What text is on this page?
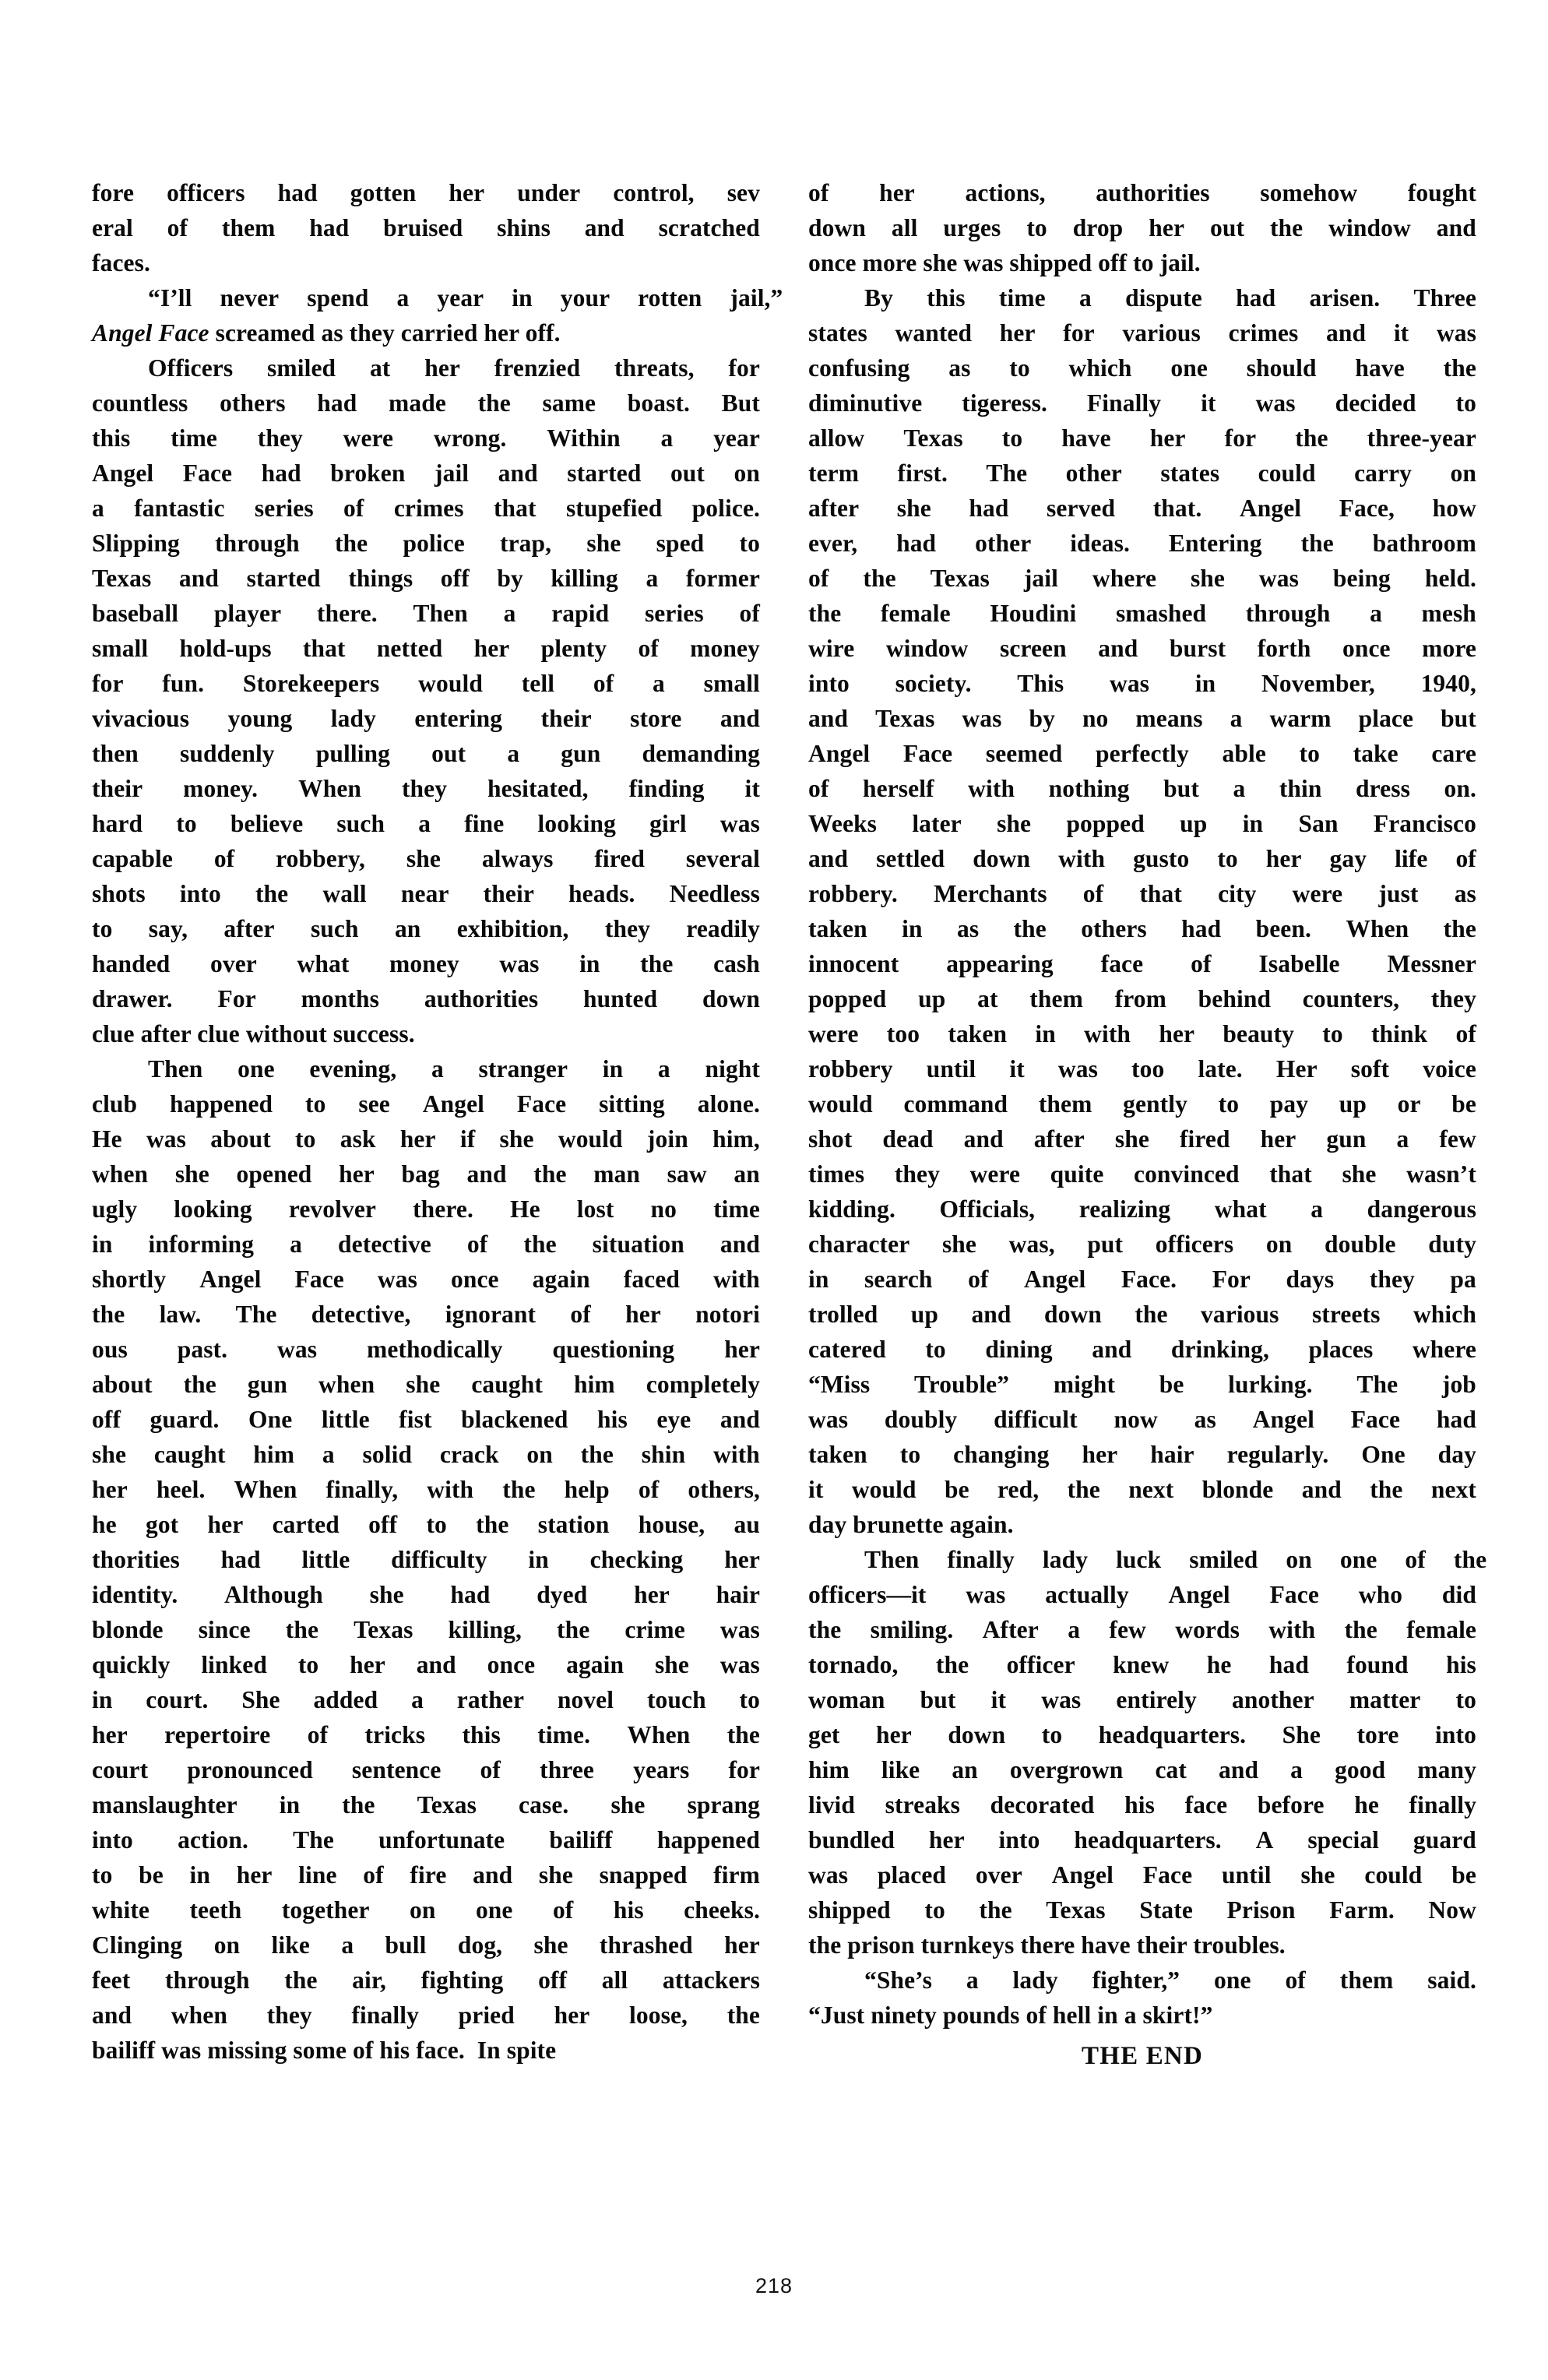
fore officers had gotten her under control, sev
eral of them had bruised shins and scratched
faces.

“I’ll	never	spend	a	year	in	your	rotten	jail,”
Angel Face screamed as they carried her off.

Officers	smiled	at	her	frenzied	threats,	for
countless others had made the same boast. But
this time they were wrong. Within a year
Angel Face had broken jail and started out on
a fantastic series of crimes that stupefied police.
Slipping through the police trap, she sped to
Texas and started things off by killing a former
baseball player there. Then a rapid series of
small hold-ups that netted her plenty of money
for fun. Storekeepers would tell of a small
vivacious young lady entering their store and
then suddenly pulling out a gun demanding
their money. When they hesitated, finding it
hard to believe such a fine looking girl was
capable of robbery, she always fired several
shots into the wall near their heads. Needless
to say, after such an exhibition, they readily
handed over what money was in the cash
drawer. For months authorities hunted down
clue after clue without success.

Then	one	evening,	a	stranger	in	a	night
club happened to see Angel Face sitting alone.
He was about to ask her if she would join him,
when she opened her bag and the man saw an
ugly looking revolver there. He lost no time
in informing a detective of the situation and
shortly Angel Face was once again faced with
the law. The detective, ignorant of her notori
ous past. was methodically questioning her
about the gun when she caught him completely
off guard. One little fist blackened his eye and
she caught him a solid crack on the shin with
her heel. When finally, with the help of others,
he got her carted off to the station house, au
thorities had little difficulty in checking her
identity. Although she had dyed her hair
blonde since the Texas killing, the crime was
quickly linked to her and once again she was
in court. She added a rather novel touch to
her repertoire of tricks this time. When the
court pronounced sentence of three years for
manslaughter in the Texas case. she sprang
into action. The unfortunate bailiff happened
to be in her line of fire and she snapped firm
white teeth together on one of his cheeks.
Clinging on like a bull dog, she thrashed her
feet through the air, fighting off all attackers
and when they finally pried her loose, the
bailiff was missing some of his face.  In spite

of her actions, authorities somehow fought
down all urges to drop her out the window and
once more she was shipped off to jail.

By	this	time	a	dispute	had	arisen.	Three
states wanted her for various crimes and it was
confusing as to which one should have the
diminutive tigeress. Finally it was decided to
allow Texas to have her for the three-year
term first. The other states could carry on
after she had served that. Angel Face, how
ever, had other ideas. Entering the bathroom
of the Texas jail where she was being held.
the female Houdini smashed through a mesh
wire window screen and burst forth once more
into society. This was in November, 1940,
and Texas was by no means a warm place but
Angel Face seemed perfectly able to take care
of herself with nothing but a thin dress on.
Weeks later she popped up in San Francisco
and settled down with gusto to her gay life of
robbery. Merchants of that city were just as
taken in as the others had been. When the
innocent appearing face of Isabelle Messner
popped up at them from behind counters, they
were too taken in with her beauty to think of
robbery until it was too late. Her soft voice
would command them gently to pay up or be
shot dead and after she fired her gun a few
times they were quite convinced that she wasn’t
kidding. Officials, realizing what a dangerous
character she was, put officers on double duty
in search of Angel Face. For days they pa
trolled up and down the various streets which
catered to dining and drinking, places where
“Miss Trouble” might be lurking. The job
was doubly difficult now as Angel Face had
taken to changing her hair regularly. One day
it would be red, the next blonde and the next
day brunette again.

Then	finally	lady	luck	smiled	on	one	of	the
officers—it was actually Angel Face who did
the smiling. After a few words with the female
tornado, the officer knew he had found his
woman but it was entirely another matter to
get her down to headquarters. She tore into
him like an overgrown cat and a good many
livid streaks decorated his face before he finally
bundled her into headquarters. A special guard
was placed over Angel Face until she could be
shipped to the Texas State Prison Farm. Now
the prison turnkeys there have their troubles.

“She’s	a	lady	fighter,”	one	of	them	said.
“Just ninety pounds of hell in a skirt!”

THE END
218
